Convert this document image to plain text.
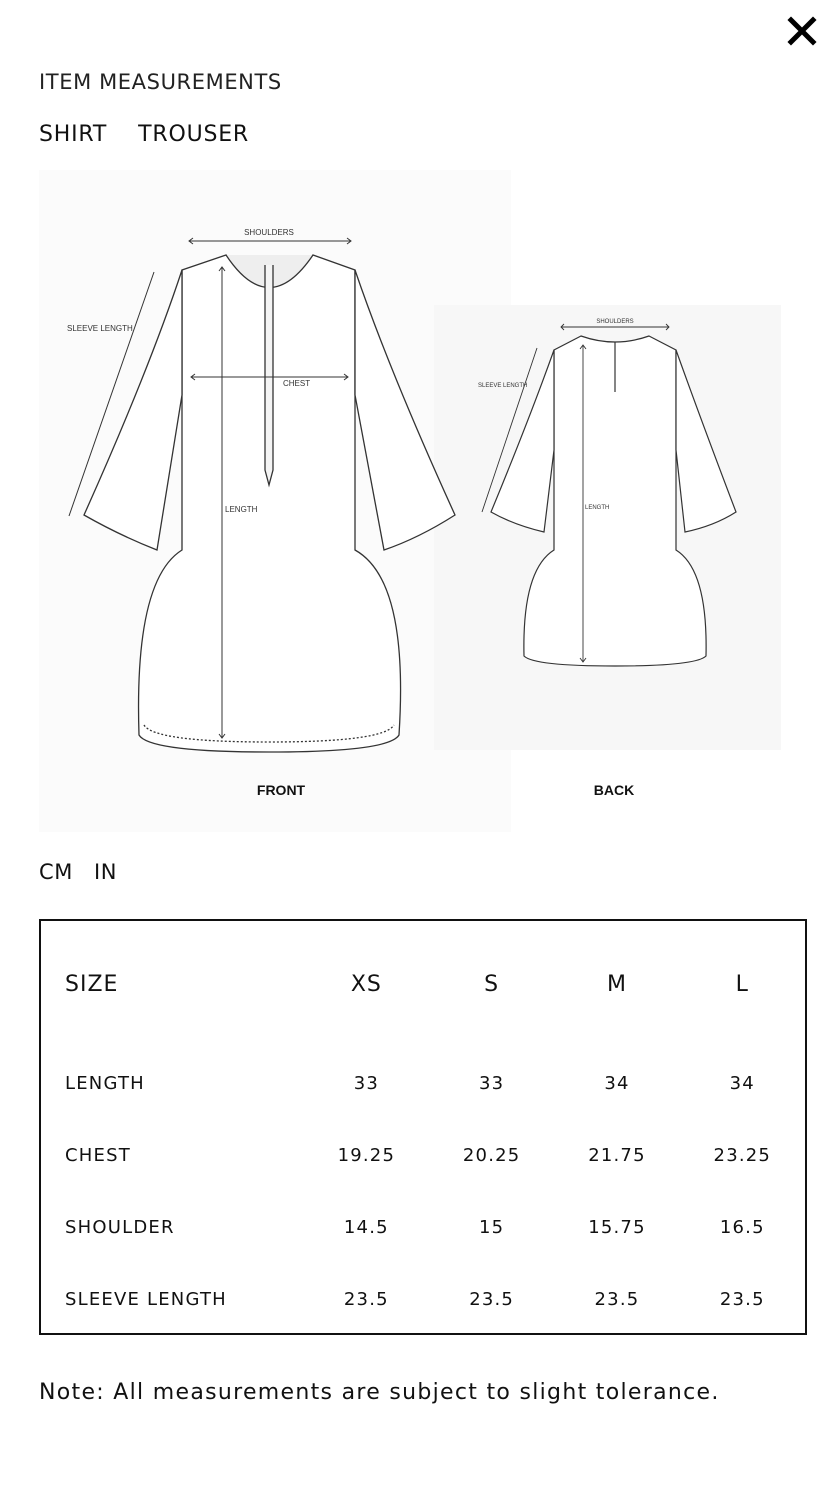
ITEM MEASUREMENTS
SHIRT TROUSER
SHOULDERS
SLEEVE LENGTH
CHEST
LENGTH
FRONT
SHOULDERS
SLEEVE LENGTH
LENGTH
BACK
CM IN
SIZE	XS	S	M	L
LENGTH	33	33	34	34
CHEST	19.25	20.25	21.75	23.25
SHOULDER	14.5	15	15.75	16.5
SLEEVE LENGTH	23.5	23.5	23.5	23.5
Note: All measurements are subject to slight tolerance.
